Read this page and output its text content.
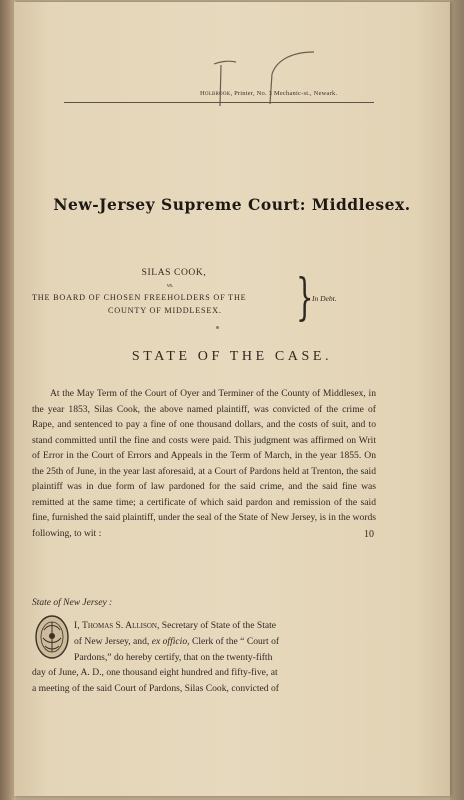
Holbrook, Printer, No. 3 Mechanic-st., Newark.
New-Jersey Supreme Court: Middlesex.
SILAS COOK,
vs.
THE BOARD OF CHOSEN FREEHOLDERS OF THE
COUNTY OF MIDDLESEX. }
In Debt.
STATE OF THE CASE.

At the May Term of the Court of Oyer and Terminer of the County of Middlesex, in the year 1853, Silas Cook, the above named plaintiff, was convicted of the crime of Rape, and sentenced to pay a fine of one thousand dollars, and the costs of suit, and to stand committed until the fine and costs were paid. This judgment was affirmed on Writ of Error in the Court of Errors and Appeals in the Term of March, in the year 1855. On the 25th of June, in the year last aforesaid, at a Court of Pardons held at Trenton, the said plaintiff was in due form of law pardoned for the said crime, and the said fine was remitted at the same time; a certificate of which said pardon and remission of the said fine, furnished the said plaintiff, under the seal of the State of New Jersey, is in the words following, to wit :	10
State of New Jersey :
I, Thomas S. Allison, Secretary of State of the State
of New Jersey, and, ex officio, Clerk of the “ Court of
Pardons,” do hereby certify, that on the twenty-fifth
day of June, A. D., one thousand eight hundred and fifty-five, at
a meeting of the said Court of Pardons, Silas Cook, convicted of
